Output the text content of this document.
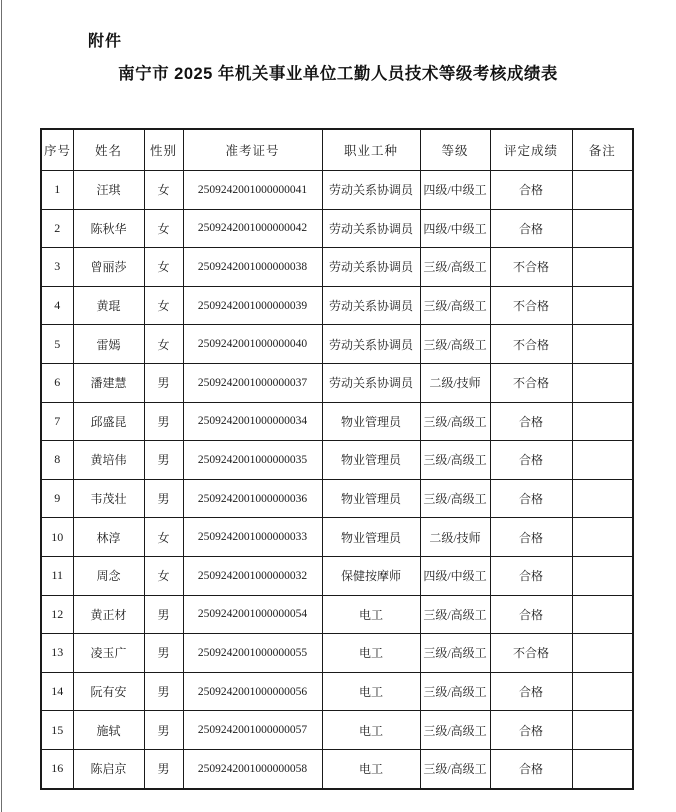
附件
南宁市 2025 年机关事业单位工勤人员技术等级考核成绩表
序号	姓名	性别	准考证号	职业工种	等级	评定成绩	备注
1	汪琪	女	2509242001000000041	劳动关系协调员	四级/中级工	合格	
2	陈秋华	女	2509242001000000042	劳动关系协调员	四级/中级工	合格	
3	曾丽莎	女	2509242001000000038	劳动关系协调员	三级/高级工	不合格	
4	黄琨	女	2509242001000000039	劳动关系协调员	三级/高级工	不合格	
5	雷嫣	女	2509242001000000040	劳动关系协调员	三级/高级工	不合格	
6	潘建慧	男	2509242001000000037	劳动关系协调员	二级/技师	不合格	
7	邱盛昆	男	2509242001000000034	物业管理员	三级/高级工	合格	
8	黄培伟	男	2509242001000000035	物业管理员	三级/高级工	合格	
9	韦茂壮	男	2509242001000000036	物业管理员	三级/高级工	合格	
10	林淳	女	2509242001000000033	物业管理员	二级/技师	合格	
11	周念	女	2509242001000000032	保健按摩师	四级/中级工	合格	
12	黄正材	男	2509242001000000054	电工	三级/高级工	合格	
13	凌玉广	男	2509242001000000055	电工	三级/高级工	不合格	
14	阮有安	男	2509242001000000056	电工	三级/高级工	合格	
15	施轼	男	2509242001000000057	电工	三级/高级工	合格	
16	陈启京	男	2509242001000000058	电工	三级/高级工	合格	
